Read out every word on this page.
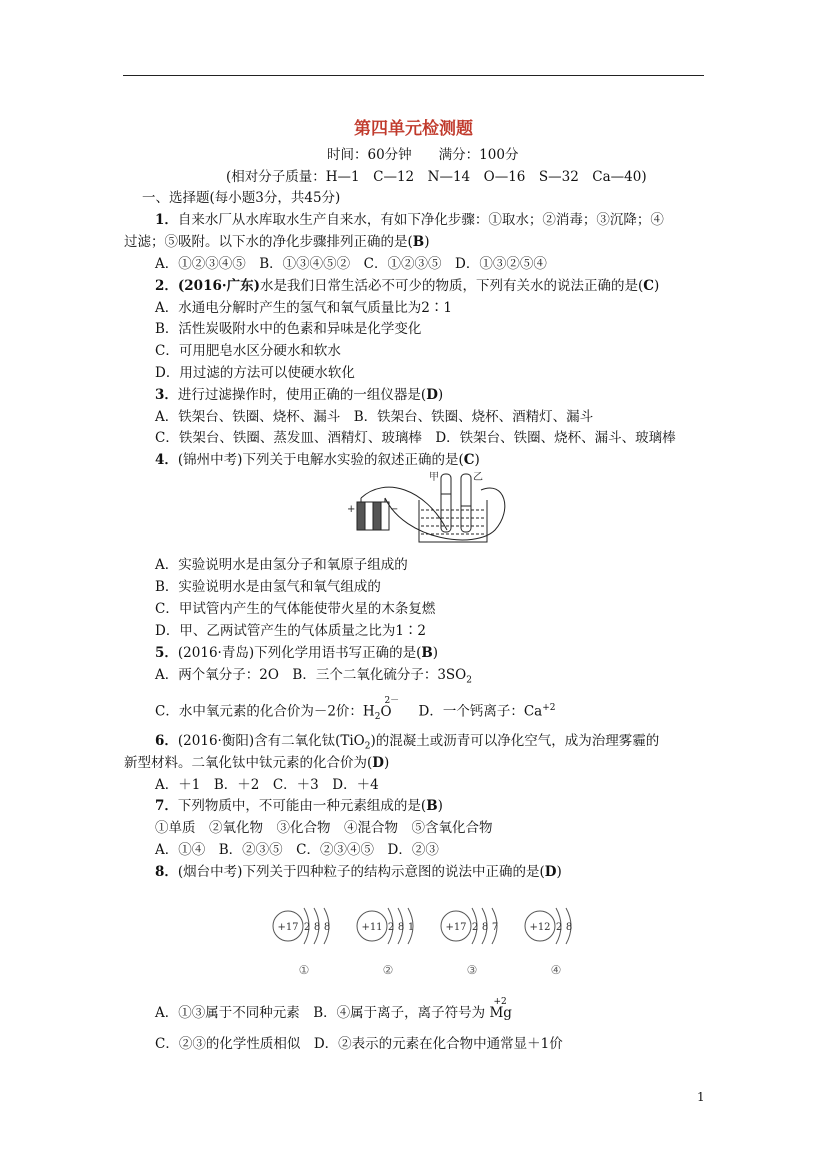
第四单元检测题
时间：60分钟　　满分：100分
(相对分子质量：H—1　C—12　N—14　O—16　S—32　Ca—40)
一、选择题(每小题3分，共45分)
1．自来水厂从水库取水生产自来水，有如下净化步骤：①取水；②消毒；③沉降；④
过滤；⑤吸附。以下水的净化步骤排列正确的是(B)
A．①②③④⑤　B．①③④⑤②　C．①②③⑤　D．①③②⑤④
2．(2016·广东)水是我们日常生活必不可少的物质，下列有关水的说法正确的是(C)
A．水通电分解时产生的氢气和氧气质量比为2∶1
B．活性炭吸附水中的色素和异味是化学变化
C．可用肥皂水区分硬水和软水
D．用过滤的方法可以使硬水软化
3．进行过滤操作时，使用正确的一组仪器是(D)
A．铁架台、铁圈、烧杯、漏斗　B．铁架台、铁圈、烧杯、酒精灯、漏斗
C．铁架台、铁圈、蒸发皿、酒精灯、玻璃棒　D．铁架台、铁圈、烧杯、漏斗、玻璃棒
4．(锦州中考)下列关于电解水实验的叙述正确的是(C)
+	−
甲	乙
A．实验说明水是由氢分子和氧原子组成的
B．实验说明水是由氢气和氧气组成的
C．甲试管内产生的气体能使带火星的木条复燃
D．甲、乙两试管产生的气体质量之比为1∶2
5．(2016·青岛)下列化学用语书写正确的是(B)
A．两个氧分子：2O　 B．三个二氧化硫分子：$3SO_2$
C．水中氧元素的化合价为－2价：$H_2$
2－
O　　 D．一个钙离子：$Ca^{+2}$
6．(2016·衡阳)含有二氧化钛(TiO$_2$)的混凝土或沥青可以净化空气，成为治理雾霾的
新型材料。二氧化钛中钛元素的化合价为(D)
A．＋1　B．＋2　C．＋3　D．＋4
7．下列物质中，不可能由一种元素组成的是(B)
①单质　②氧化物　③化合物　④混合物　⑤含氧化合物
A．①④　B．②③⑤　C．②③④⑤　D．②③
8．(烟台中考)下列关于四种粒子的结构示意图的说法中正确的是(D)
+17 2 8 8
①
+11 2 8 1
②
+17 2 8 7
③
+12 2 8
④
A．①③属于不同种元素　B．④属于离子，离子符号为
+2
Mg
C．②③的化学性质相似　D．②表示的元素在化合物中通常显＋1价
1
